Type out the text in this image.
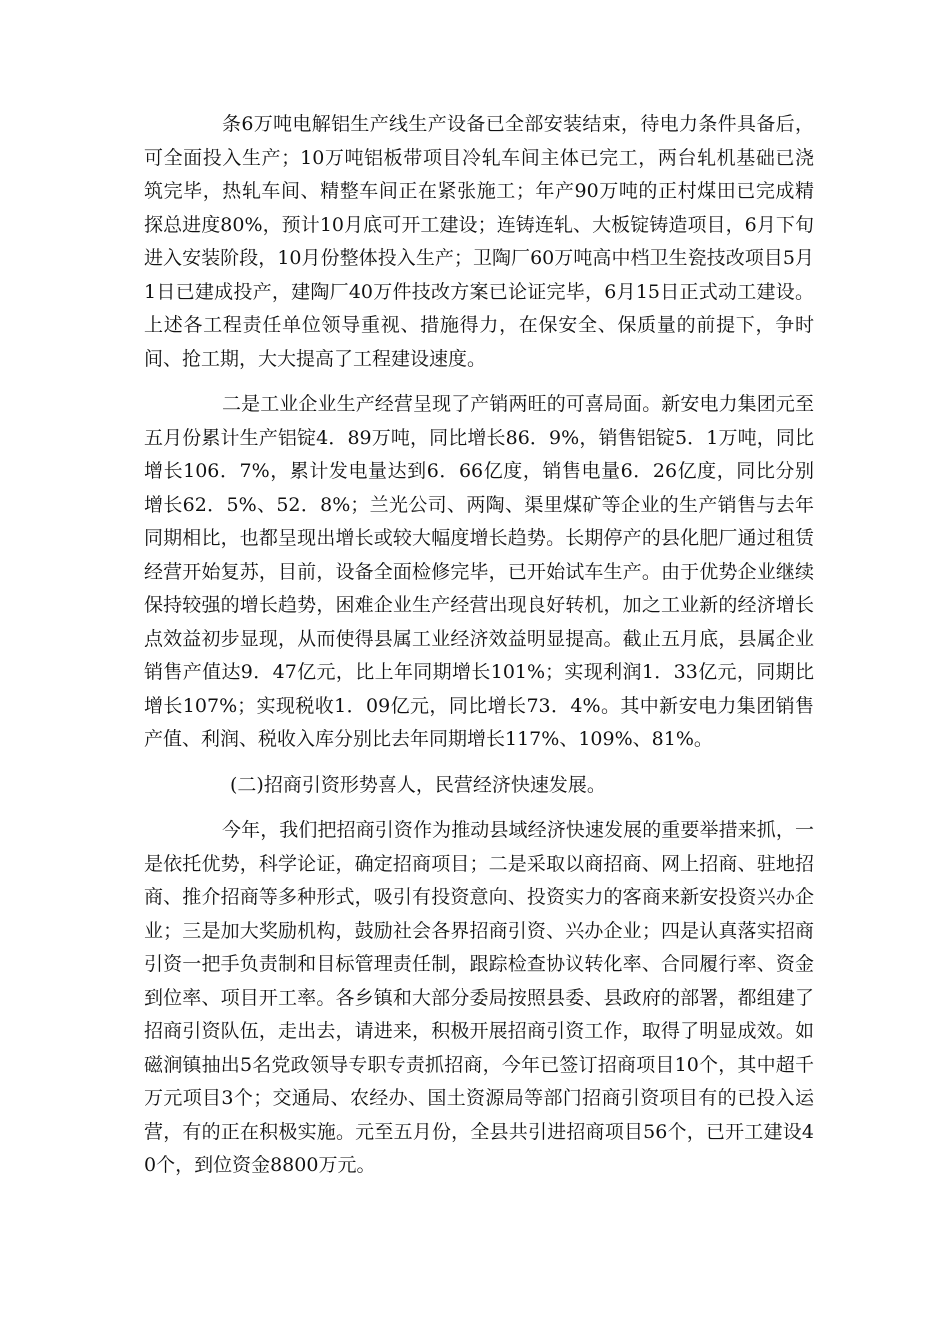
条6万吨电解铝生产线生产设备已全部安装结束，待电力条件具备后，可全面投入生产；10万吨铝板带项目冷轧车间主体已完工，两台轧机基础已浇筑完毕，热轧车间、精整车间正在紧张施工；年产90万吨的正村煤田已完成精探总进度80%，预计10月底可开工建设；连铸连轧、大板锭铸造项目，6月下旬进入安装阶段，10月份整体投入生产；卫陶厂60万吨高中档卫生瓷技改项目5月1日已建成投产，建陶厂40万件技改方案已论证完毕，6月15日正式动工建设。上述各工程责任单位领导重视、措施得力，在保安全、保质量的前提下，争时间、抢工期，大大提高了工程建设速度。

二是工业企业生产经营呈现了产销两旺的可喜局面。新安电力集团元至五月份累计生产铝锭4．89万吨，同比增长86．9%，销售铝锭5．1万吨，同比增长106．7%，累计发电量达到6．66亿度，销售电量6．26亿度，同比分别增长62．5%、52．8%；兰光公司、两陶、渠里煤矿等企业的生产销售与去年同期相比，也都呈现出增长或较大幅度增长趋势。长期停产的县化肥厂通过租赁经营开始复苏，目前，设备全面检修完毕，已开始试车生产。由于优势企业继续保持较强的增长趋势，困难企业生产经营出现良好转机，加之工业新的经济增长点效益初步显现，从而使得县属工业经济效益明显提高。截止五月底，县属企业销售产值达9．47亿元，比上年同期增长101%；实现利润1．33亿元，同期比增长107%；实现税收1．09亿元，同比增长73．4%。其中新安电力集团销售产值、利润、税收入库分别比去年同期增长117%、109%、81%。

(二)招商引资形势喜人，民营经济快速发展。

今年，我们把招商引资作为推动县域经济快速发展的重要举措来抓，一是依托优势，科学论证，确定招商项目；二是采取以商招商、网上招商、驻地招商、推介招商等多种形式，吸引有投资意向、投资实力的客商来新安投资兴办企业；三是加大奖励机构，鼓励社会各界招商引资、兴办企业；四是认真落实招商引资一把手负责制和目标管理责任制，跟踪检查协议转化率、合同履行率、资金到位率、项目开工率。各乡镇和大部分委局按照县委、县政府的部署，都组建了招商引资队伍，走出去，请进来，积极开展招商引资工作，取得了明显成效。如磁涧镇抽出5名党政领导专职专责抓招商，今年已签订招商项目10个，其中超千万元项目3个；交通局、农经办、国土资源局等部门招商引资项目有的已投入运营，有的正在积极实施。元至五月份，全县共引进招商项目56个，已开工建设40个，到位资金8800万元。
